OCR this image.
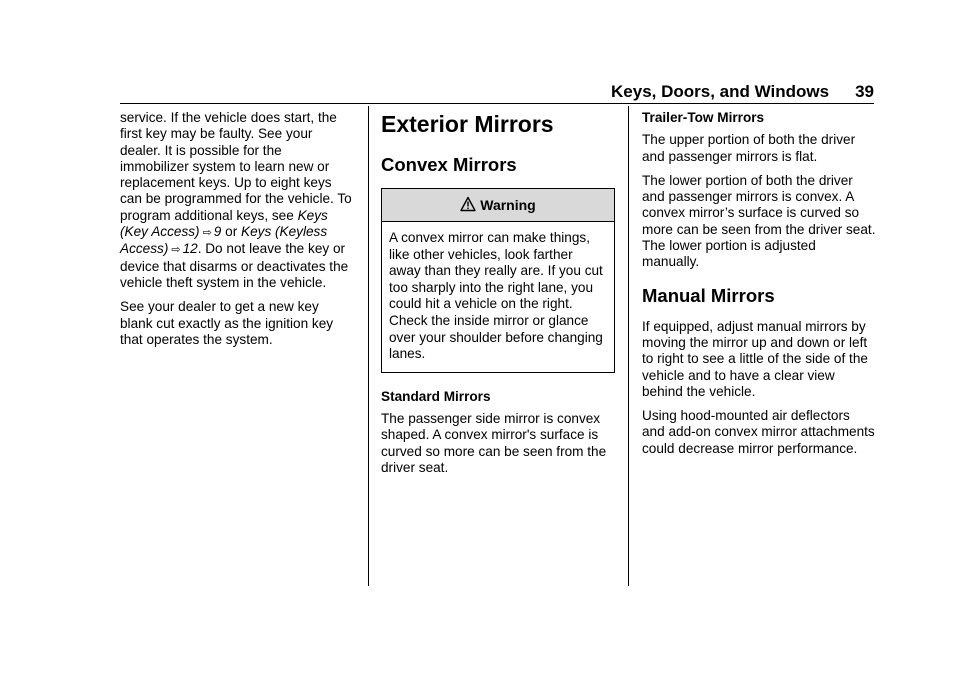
Keys, Doors, and Windows 39

service. If the vehicle does start, the first key may be faulty. See your dealer. It is possible for the immobilizer system to learn new or replacement keys. Up to eight keys can be programmed for the vehicle. To program additional keys, see Keys (Key Access) ⇨ 9 or Keys (Keyless Access) ⇨ 12. Do not leave the key or device that disarms or deactivates the vehicle theft system in the vehicle.

See your dealer to get a new key blank cut exactly as the ignition key that operates the system.

Exterior Mirrors
Convex Mirrors
Warning
A convex mirror can make things, like other vehicles, look farther away than they really are. If you cut too sharply into the right lane, you could hit a vehicle on the right. Check the inside mirror or glance over your shoulder before changing lanes.
Standard Mirrors

The passenger side mirror is convex shaped. A convex mirror's surface is curved so more can be seen from the driver seat.

Trailer-Tow Mirrors

The upper portion of both the driver and passenger mirrors is flat.

The lower portion of both the driver and passenger mirrors is convex. A convex mirror’s surface is curved so more can be seen from the driver seat. The lower portion is adjusted manually.

Manual Mirrors

If equipped, adjust manual mirrors by moving the mirror up and down or left to right to see a little of the side of the vehicle and to have a clear view behind the vehicle.

Using hood-mounted air deflectors and add-on convex mirror attachments could decrease mirror performance.
